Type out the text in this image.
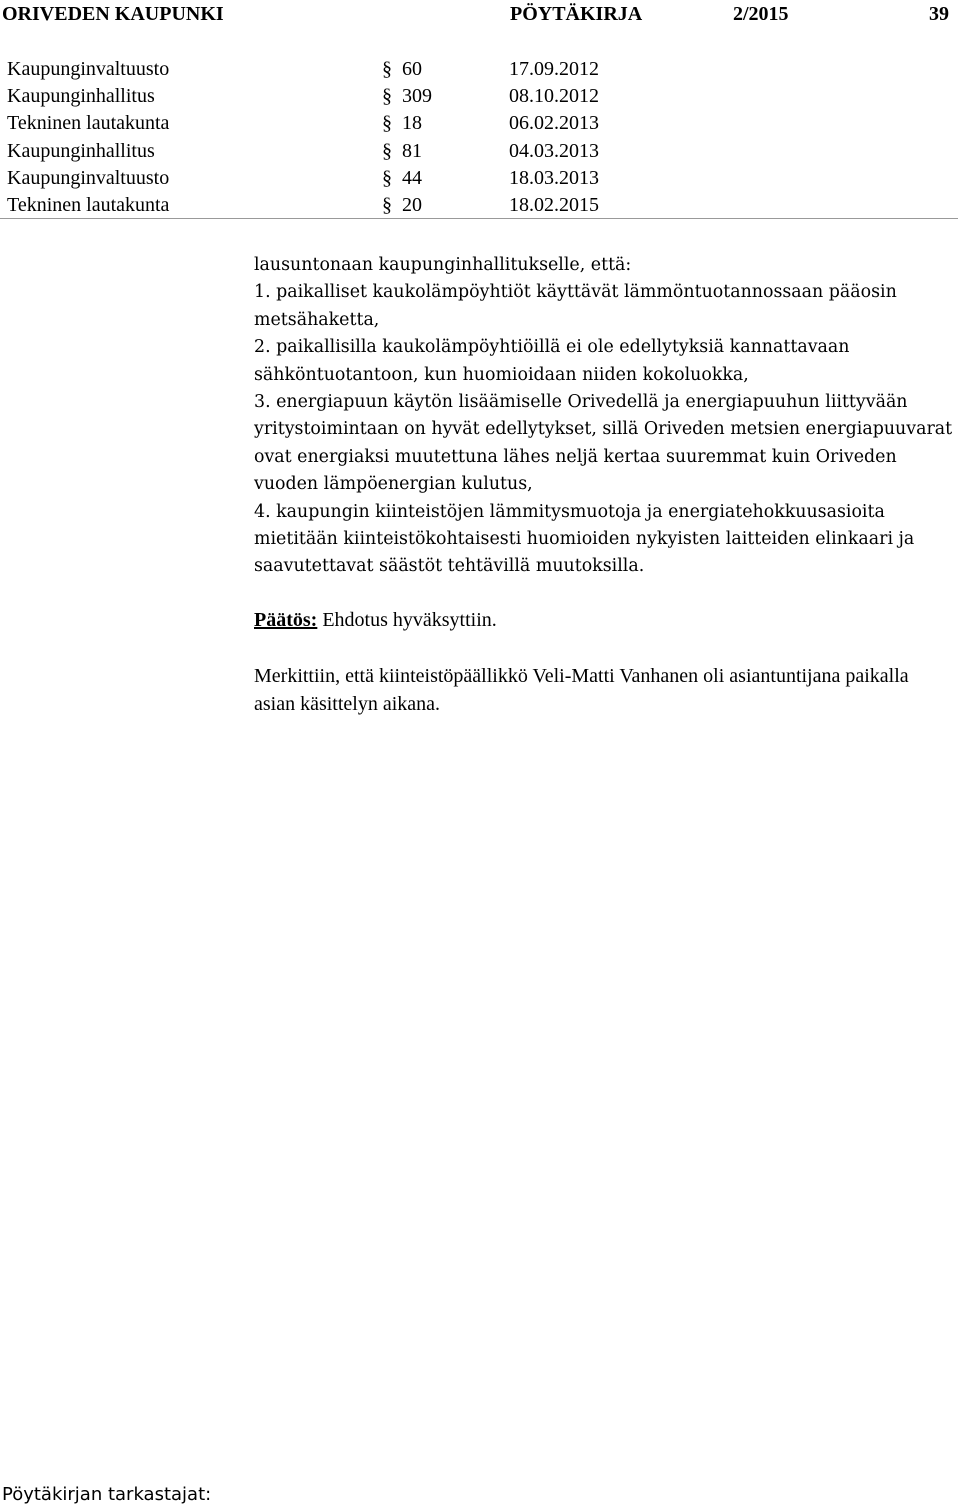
ORIVEDEN KAUPUNKI	PÖYTÄKIRJA	2/2015	39
Kaupunginvaltuusto	§ 60	17.09.2012
Kaupunginhallitus	§ 309	08.10.2012
Tekninen lautakunta	§ 18	06.02.2013
Kaupunginhallitus	§ 81	04.03.2013
Kaupunginvaltuusto	§ 44	18.03.2013
Tekninen lautakunta	§ 20	18.02.2015

lausuntonaan kaupunginhallitukselle, että:

1. paikalliset kaukolämpöyhtiöt käyttävät lämmöntuotannossaan pääosin metsähaketta,

2. paikallisilla kaukolämpöyhtiöillä ei ole edellytyksiä kannattavaan sähköntuotantoon, kun huomioidaan niiden kokoluokka,

3. energiapuun käytön lisäämiselle Orivedellä ja energiapuuhun liittyvään yritystoimintaan on hyvät edellytykset, sillä Oriveden metsien energiapuuvarat ovat energiaksi muutettuna lähes neljä kertaa suuremmat kuin Oriveden vuoden lämpöenergian kulutus,

4. kaupungin kiinteistöjen lämmitysmuotoja ja energiatehokkuusasioita mietitään kiinteistökohtaisesti huomioiden nykyisten laitteiden elinkaari ja saavutettavat säästöt tehtävillä muutoksilla.

Päätös: Ehdotus hyväksyttiin.
Merkittiin, että kiinteistöpäällikkö Veli-Matti Vanhanen oli asiantuntijana paikalla asian käsittelyn aikana.
Pöytäkirjan tarkastajat:
